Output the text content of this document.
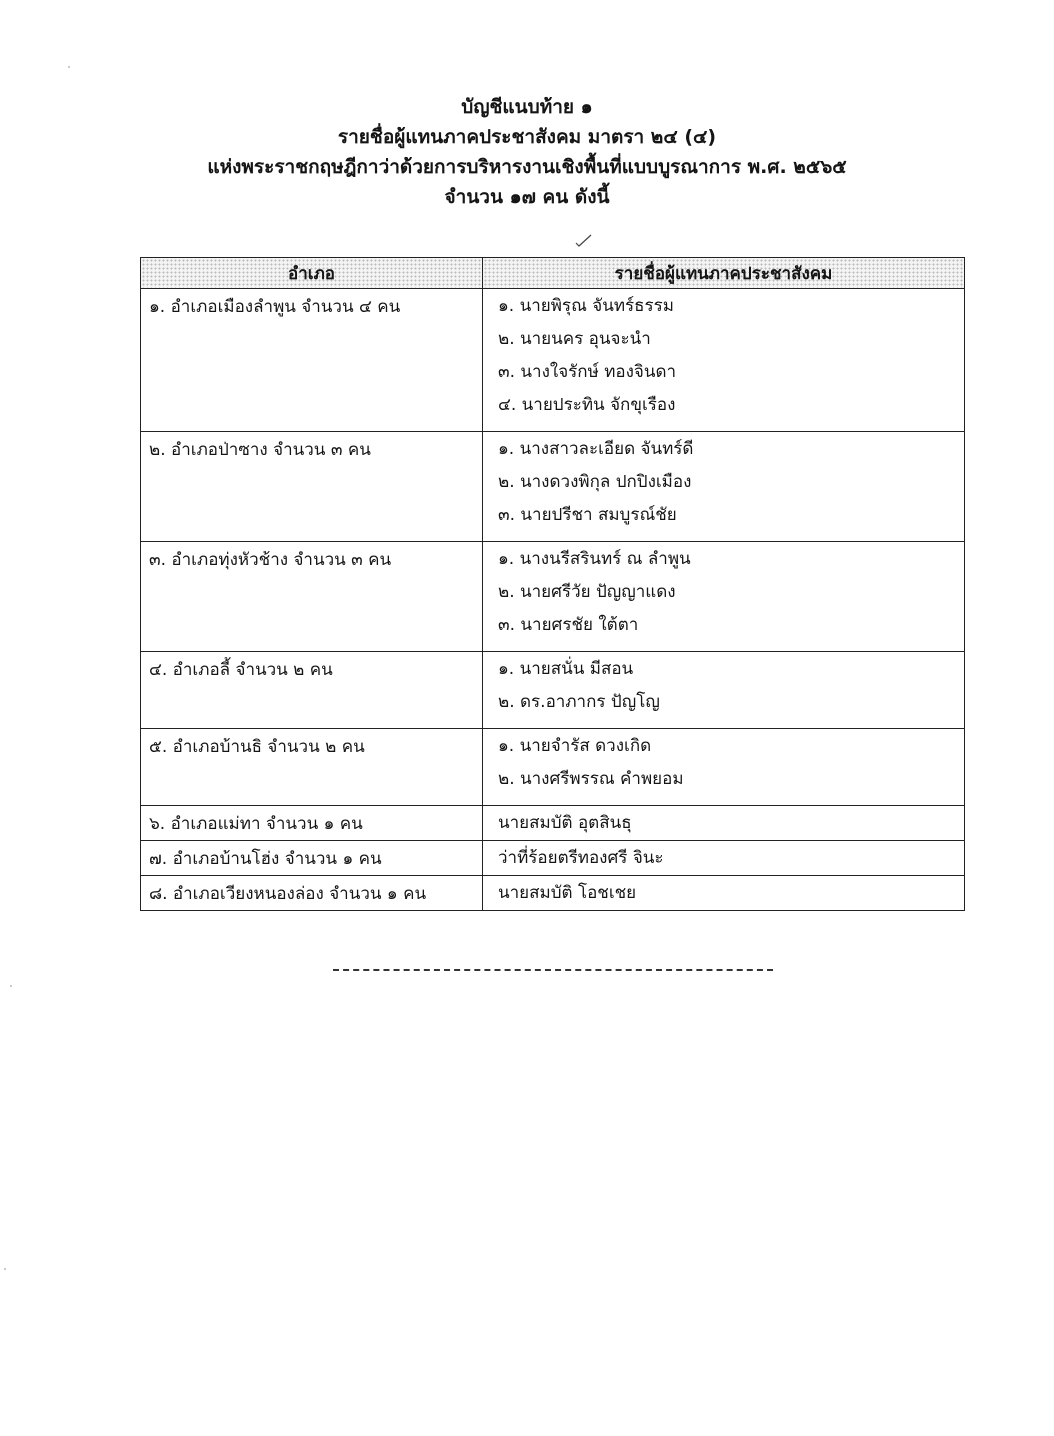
บัญชีแนบท้าย ๑
รายชื่อผู้แทนภาคประชาสังคม มาตรา ๒๔ (๔)
แห่งพระราชกฤษฎีกาว่าด้วยการบริหารงานเชิงพื้นที่แบบบูรณาการ พ.ศ. ๒๕๖๕
จำนวน ๑๗ คน ดังนี้
อำเภอ	รายชื่อผู้แทนภาคประชาสังคม

๑. อำเภอเมืองลำพูน จำนวน ๔ คน	๑. นายพิรุณ จันทร์ธรรม
๒. นายนคร อุนจะนำ
๓. นางใจรักษ์ ทองจินดา
๔. นายประทิน จักขุเรือง

๒. อำเภอป่าซาง จำนวน ๓ คน	๑. นางสาวละเอียด จันทร์ดี
๒. นางดวงพิกุล ปกปิงเมือง
๓. นายปรีชา สมบูรณ์ชัย

๓. อำเภอทุ่งหัวช้าง จำนวน ๓ คน	๑. นางนรีสรินทร์ ณ ลำพูน
๒. นายศรีวัย ปัญญาแดง
๓. นายศรชัย ใต้ตา

๔. อำเภอลี้ จำนวน ๒ คน	๑. นายสนั่น มีสอน
๒. ดร.อาภากร ปัญโญ

๕. อำเภอบ้านธิ จำนวน ๒ คน	๑. นายจำรัส ดวงเกิด
๒. นางศรีพรรณ คำพยอม

๖. อำเภอแม่ทา จำนวน ๑ คน	นายสมบัติ อุตสินธุ

๗. อำเภอบ้านโฮ่ง จำนวน ๑ คน	ว่าที่ร้อยตรีทองศรี จินะ

๘. อำเภอเวียงหนองล่อง จำนวน ๑ คน	นายสมบัติ โอชเชย
